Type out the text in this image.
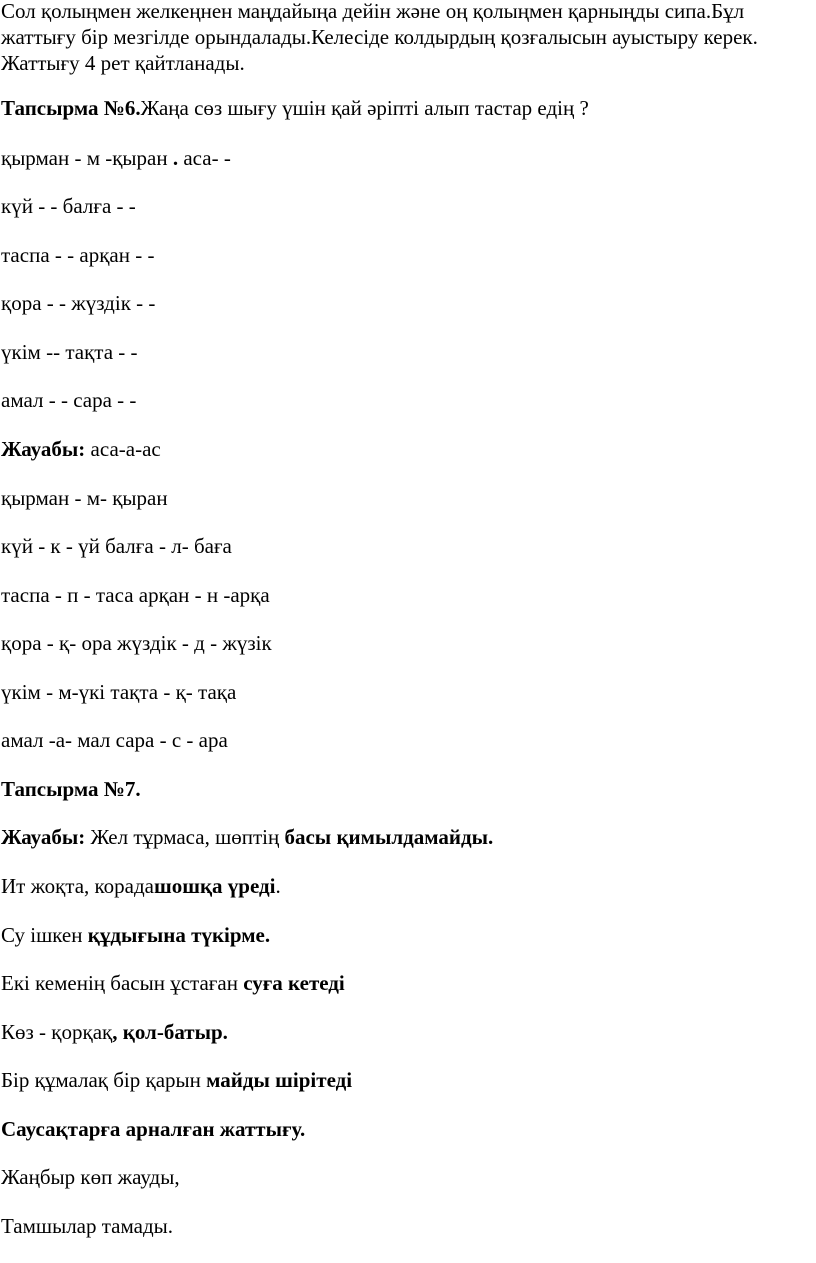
Сол қолыңмен желкеңнен маңдайыңа дейін және оң қолыңмен қарныңды сипа.Бұл жаттығу бір мезгілде орындалады.Келесіде колдырдың қозғалысын ауыстыру керек. Жаттығу 4 рет қайтланады.

Тапсырма №6.Жаңа сөз шығу үшін қай әріпті алып тастар едің ?

қырман - м -қыран . аса- -

күй - - балға - -

таспа - - арқан - -

қора - - жүздік - -

үкім -- тақта - -

амал - - сара - -

Жауабы: аса-а-ас

қырман - м- қыран

күй - к - үй балға - л- баға

таспа - п - таса арқан - н -арқа

қора - қ- ора жүздік - д - жүзік

үкім - м-үкі тақта - қ- тақа

амал -а- мал сара - с - ара

Тапсырма №7.

Жауабы: Жел тұрмаса, шөптің басы қимылдамайды.

Ит жоқта, корадашошқа үреді.

Су ішкен құдығына түкірме.

Екі кеменің басын ұстаған суға кетеді

Көз - қорқақ, қол-батыр.

Бір құмалақ бір қарын майды шірітеді

Саусақтарға арналған жаттығу.

Жаңбыр көп жауды,

Тамшылар тамады.
